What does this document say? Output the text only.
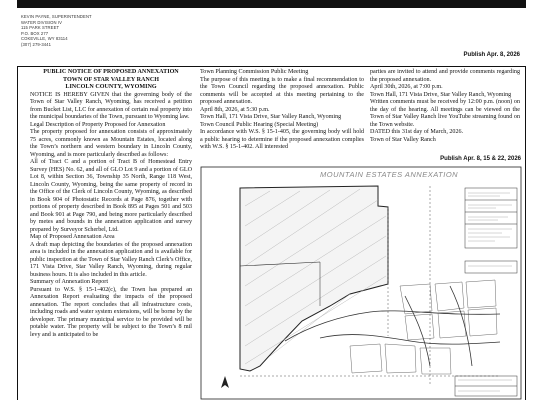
KEVIN PAYNE, SUPERINTENDENT
WATER DIVISION IV
115 PARK STREET
P.O. BOX 277
COKEVILLE, WY 83114
(307) 279-3441
Publish Apr. 8, 2026

PUBLIC NOTICE OF PROPOSED ANNEXATION

TOWN OF STAR VALLEY RANCH

LINCOLN COUNTY, WYOMING

NOTICE IS HEREBY GIVEN that the governing body of the Town of Star Valley Ranch, Wyoming, has received a petition from Bucket List, LLC for annexation of certain real property into the municipal boundaries of the Town, pursuant to Wyoming law.

Legal Description of Property Proposed for Annexation

The property proposed for annexation consists of approximately 75 acres, commonly known as Mountain Estates, located along the Town’s northern and western boundary in Lincoln County, Wyoming, and is more particularly described as follows:

All of Tract C and a portion of Tract B of Homestead Entry Survey (HES) No. 62, and all of GLO Lot 9 and a portion of GLO Lot 8, within Section 36, Township 35 North, Range 118 West, Lincoln County, Wyoming, being the same property of record in the Office of the Clerk of Lincoln County, Wyoming, as described in Book 904 of Photostatic Records at Page 876, together with portions of property described in Book 895 at Pages 501 and 503 and Book 901 at Page 790, and being more particularly described by metes and bounds in the annexation application and survey prepared by Surveyor Scherbel, Ltd.

Map of Proposed Annexation Area

A draft map depicting the boundaries of the proposed annexation area is included in the annexation application and is available for public inspection at the Town of Star Valley Ranch Clerk’s Office, 171 Vista Drive, Star Valley Ranch, Wyoming, during regular business hours. It is also included in this article.

Summary of Annexation Report

Pursuant to W.S. § 15-1-402(c), the Town has prepared an Annexation Report evaluating the impacts of the proposed annexation. The report concludes that all infrastructure costs, including roads and water system extensions, will be borne by the developer. The primary municipal service to be provided will be potable water. The property will be subject to the Town’s 8 mil levy and is anticipated to be

Town Planning Commission Public Meeting

The purpose of this meeting is to make a final recommendation to the Town Council regarding the proposed annexation. Public comments will be accepted at this meeting pertaining to the proposed annexation.

April 8th, 2026, at 5:30 p.m.

Town Hall, 171 Vista Drive, Star Valley Ranch, Wyoming

Town Council Public Hearing (Special Meeting)

In accordance with W.S. § 15-1-405, the governing body will hold a public hearing to determine if the proposed annexation complies with W.S. § 15-1-402. All interested

parties are invited to attend and provide comments regarding the proposed annexation.

April 30th, 2026, at 7:00 p.m.

Town Hall, 171 Vista Drive, Star Valley Ranch, Wyoming

Written comments must be received by 12:00 p.m. (noon) on the day of the hearing. All meetings can be viewed on the Town of Star Valley Ranch live YouTube streaming found on the Town website.

DATED this 31st day of March, 2026.

Town of Star Valley Ranch

Publish Apr. 8, 15 & 22, 2026
MOUNTAIN ESTATES ANNEXATION
